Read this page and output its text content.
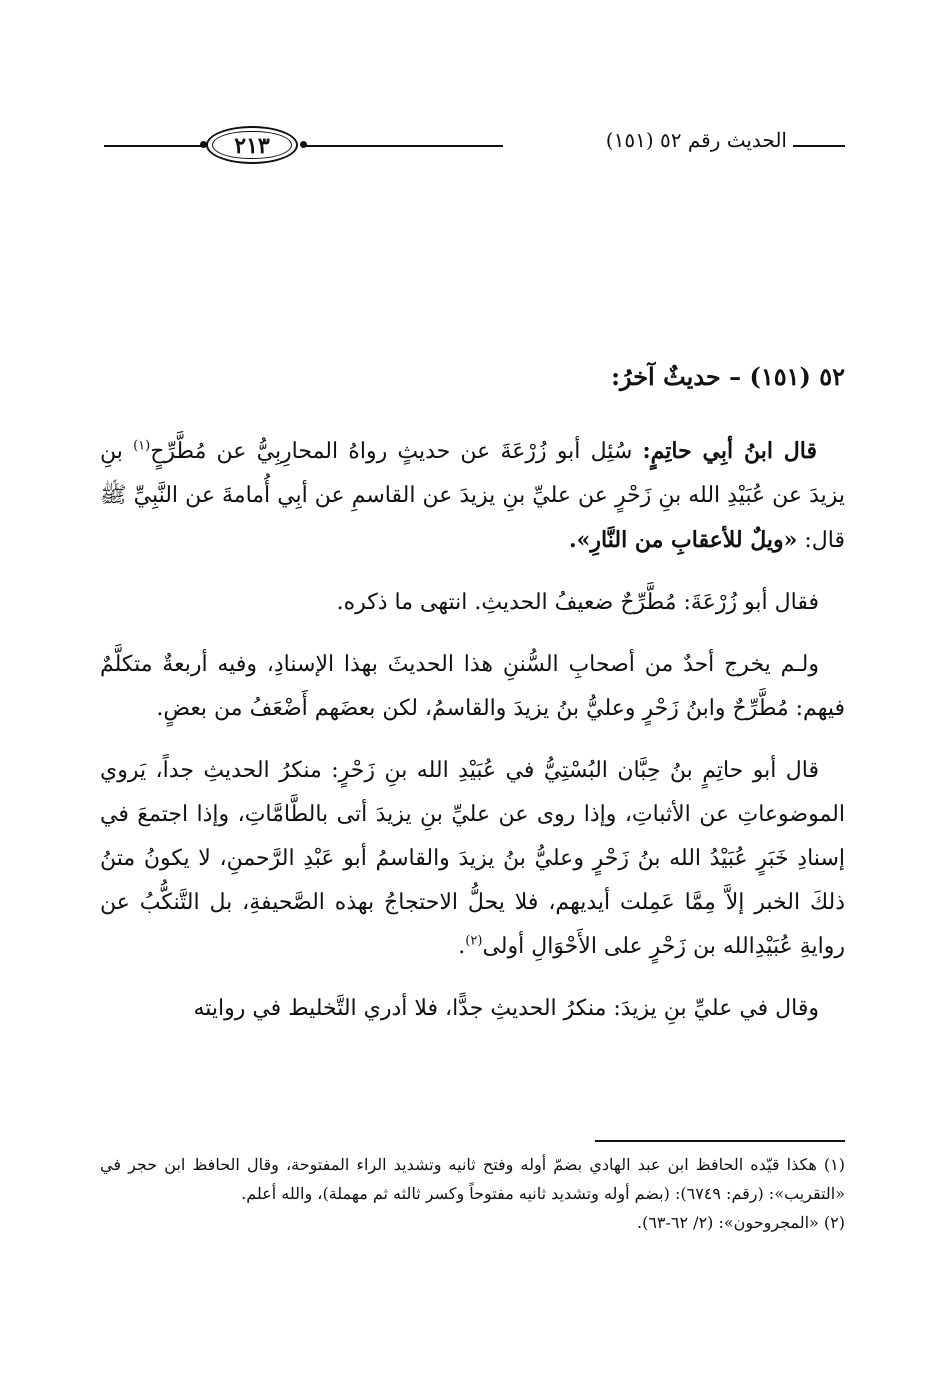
الحديث رقم ٥٢ (١٥١)
٢١٣
٥٢ (١٥١) – حديثٌ آخرُ:

قال ابنُ أبِي حاتِمٍ: سُئِل أبو زُرْعَةَ عن حديثٍ رواهُ المحارِبِيُّ عن مُطَّرِّحٍ$^{(١)}$ بنِ يزيدَ عن عُبَيْدِ الله بنِ زَحْرٍ عن عليِّ بنِ يزيدَ عن القاسمِ عن أبِي أُمامةَ عن النَّبِيِّ ﷺ قال: «ويلٌ للأعقابِ من النَّارِ».

فقال أبو زُرْعَةَ: مُطَّرِّحٌ ضعيفُ الحديثِ. انتهى ما ذكره.

ولـم يخرج أحدٌ من أصحابِ السُّننِ هذا الحديثَ بهذا الإسنادِ، وفيه أربعةٌ متكلَّمٌ فيهم: مُطَّرِّحٌ وابنُ زَحْرٍ وعليُّ بنُ يزيدَ والقاسمُ، لكن بعضَهم أَضْعَفُ من بعضٍ.

قال أبو حاتِمٍ بنُ حِبَّان البُسْتِيُّ في عُبَيْدِ الله بنِ زَحْرٍ: منكرُ الحديثِ جداً، يَروي الموضوعاتِ عن الأثباتِ، وإذا روى عن عليِّ بنِ يزيدَ أتى بالطَّامَّاتِ، وإذا اجتمعَ في إسنادِ خَبَرٍ عُبَيْدُ الله بنُ زَحْرٍ وعليُّ بنُ يزيدَ والقاسمُ أبو عَبْدِ الرَّحمنِ، لا يكونُ متنُ ذلكَ الخبر إلاَّ مِمَّا عَمِلت أيديهم، فلا يحلُّ الاحتجاجُ بهذه الصَّحيفةِ، بل التَّنكُّبُ عن روايةِ عُبَيْدِالله بن زَحْرٍ على الأَحْوَالِ أولى$^{(٢)}$.

وقال في عليِّ بنِ يزيدَ: منكرُ الحديثِ جدًّا، فلا أدري التَّخليط في روايته

(١) هكذا قيّده الحافظ ابن عبد الهادي بضمّ أوله وفتح ثانيه وتشديد الراء المفتوحة، وقال الحافظ ابن حجر في «التقريب»: (رقم: ٦٧٤٩): (بضم أوله وتشديد ثانيه مفتوحاً وكسر ثالثه ثم مهملة)، والله أعلم.

(٢) «المجروحون»: (٢/ ٦٢-٦٣).
